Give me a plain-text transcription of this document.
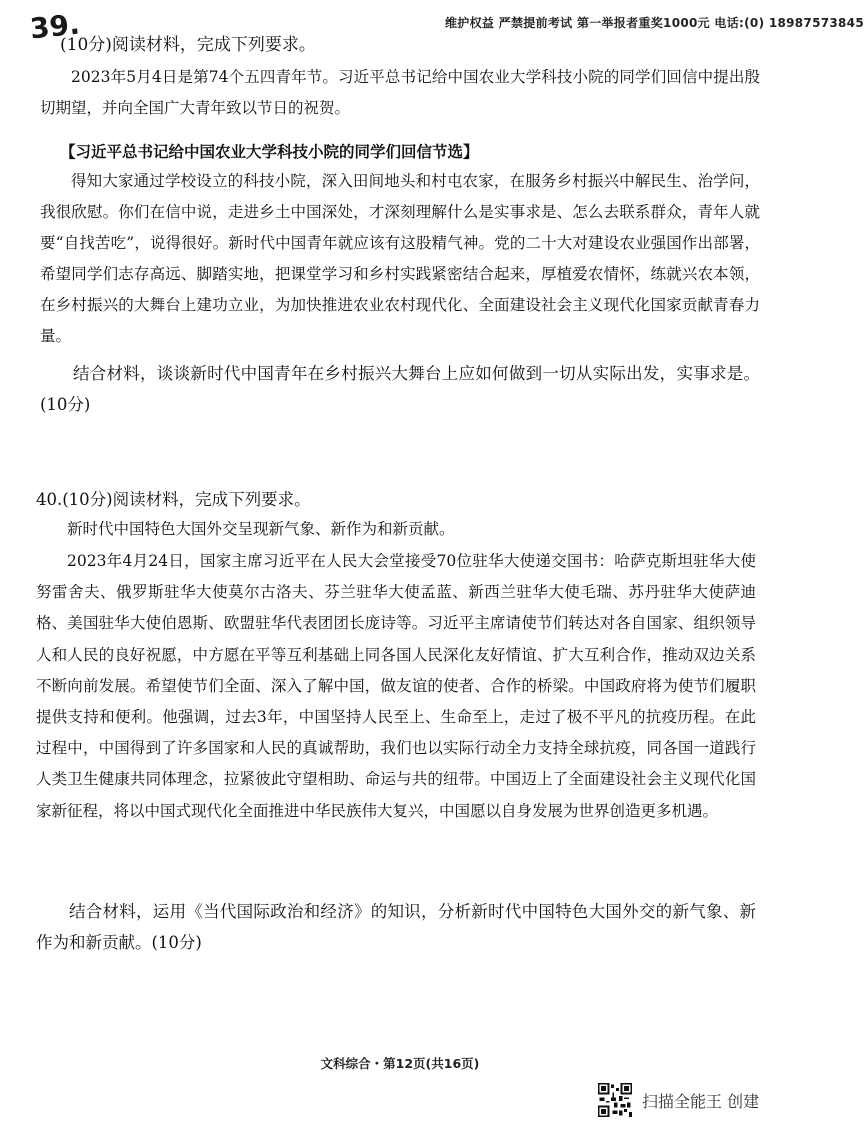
维护权益 严禁提前考试 第一举报者重奖1000元 电话:(0) 18987573845
39.
(10分)阅读材料，完成下列要求。
2023年5月4日是第74个五四青年节。习近平总书记给中国农业大学科技小院的同学们回信中提出殷切期望，并向全国广大青年致以节日的祝贺。
【习近平总书记给中国农业大学科技小院的同学们回信节选】
得知大家通过学校设立的科技小院，深入田间地头和村屯农家，在服务乡村振兴中解民生、治学问，我很欣慰。你们在信中说，走进乡土中国深处，才深刻理解什么是实事求是、怎么去联系群众，青年人就要“自找苦吃”，说得很好。新时代中国青年就应该有这股精气神。党的二十大对建设农业强国作出部署，希望同学们志存高远、脚踏实地，把课堂学习和乡村实践紧密结合起来，厚植爱农情怀，练就兴农本领，在乡村振兴的大舞台上建功立业，为加快推进农业农村现代化、全面建设社会主义现代化国家贡献青春力量。
结合材料，谈谈新时代中国青年在乡村振兴大舞台上应如何做到一切从实际出发，实事求是。(10分)
40.(10分)阅读材料，完成下列要求。
新时代中国特色大国外交呈现新气象、新作为和新贡献。
2023年4月24日，国家主席习近平在人民大会堂接受70位驻华大使递交国书：哈萨克斯坦驻华大使努雷舍夫、俄罗斯驻华大使莫尔古洛夫、芬兰驻华大使孟蓝、新西兰驻华大使毛瑞、苏丹驻华大使萨迪格、美国驻华大使伯恩斯、欧盟驻华代表团团长庞诗等。习近平主席请使节们转达对各自国家、组织领导人和人民的良好祝愿，中方愿在平等互利基础上同各国人民深化友好情谊、扩大互利合作，推动双边关系不断向前发展。希望使节们全面、深入了解中国，做友谊的使者、合作的桥梁。中国政府将为使节们履职提供支持和便利。他强调，过去3年，中国坚持人民至上、生命至上，走过了极不平凡的抗疫历程。在此过程中，中国得到了许多国家和人民的真诚帮助，我们也以实际行动全力支持全球抗疫，同各国一道践行人类卫生健康共同体理念，拉紧彼此守望相助、命运与共的纽带。中国迈上了全面建设社会主义现代化国家新征程，将以中国式现代化全面推进中华民族伟大复兴，中国愿以自身发展为世界创造更多机遇。
结合材料，运用《当代国际政治和经济》的知识，分析新时代中国特色大国外交的新气象、新作为和新贡献。(10分)
文科综合・第12页(共16页)
扫描全能王 创建
